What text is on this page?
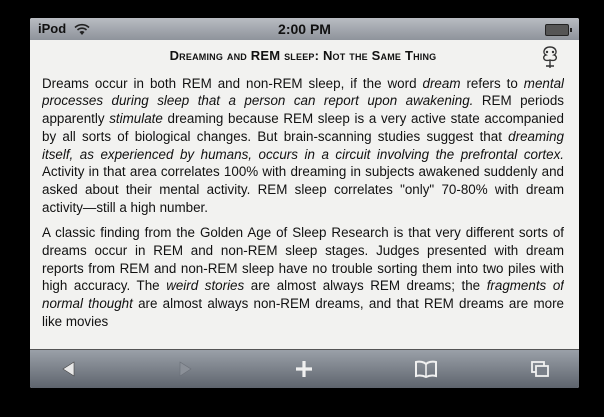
iPod	2:00 PM
Dreaming and REM sleep: Not the Same Thing

Dreams occur in both REM and non-REM sleep, if the word dream refers to mental processes during sleep that a person can report upon awakening. REM periods apparently stimulate dreaming because REM sleep is a very active state accompanied by all sorts of biological changes. But brain-scanning studies suggest that dreaming itself, as experienced by humans, occurs in a circuit involving the prefrontal cortex. Activity in that area correlates 100% with dreaming in subjects awakened suddenly and asked about their mental activity. REM sleep correlates "only" 70-80% with dream activity—still a high number.

A classic finding from the Golden Age of Sleep Research is that very different sorts of dreams occur in REM and non-REM sleep stages. Judges presented with dream reports from REM and non-REM sleep have no trouble sorting them into two piles with high accuracy. The weird stories are almost always REM dreams; the fragments of normal thought are almost always non-REM dreams, and that REM dreams are more like movies
